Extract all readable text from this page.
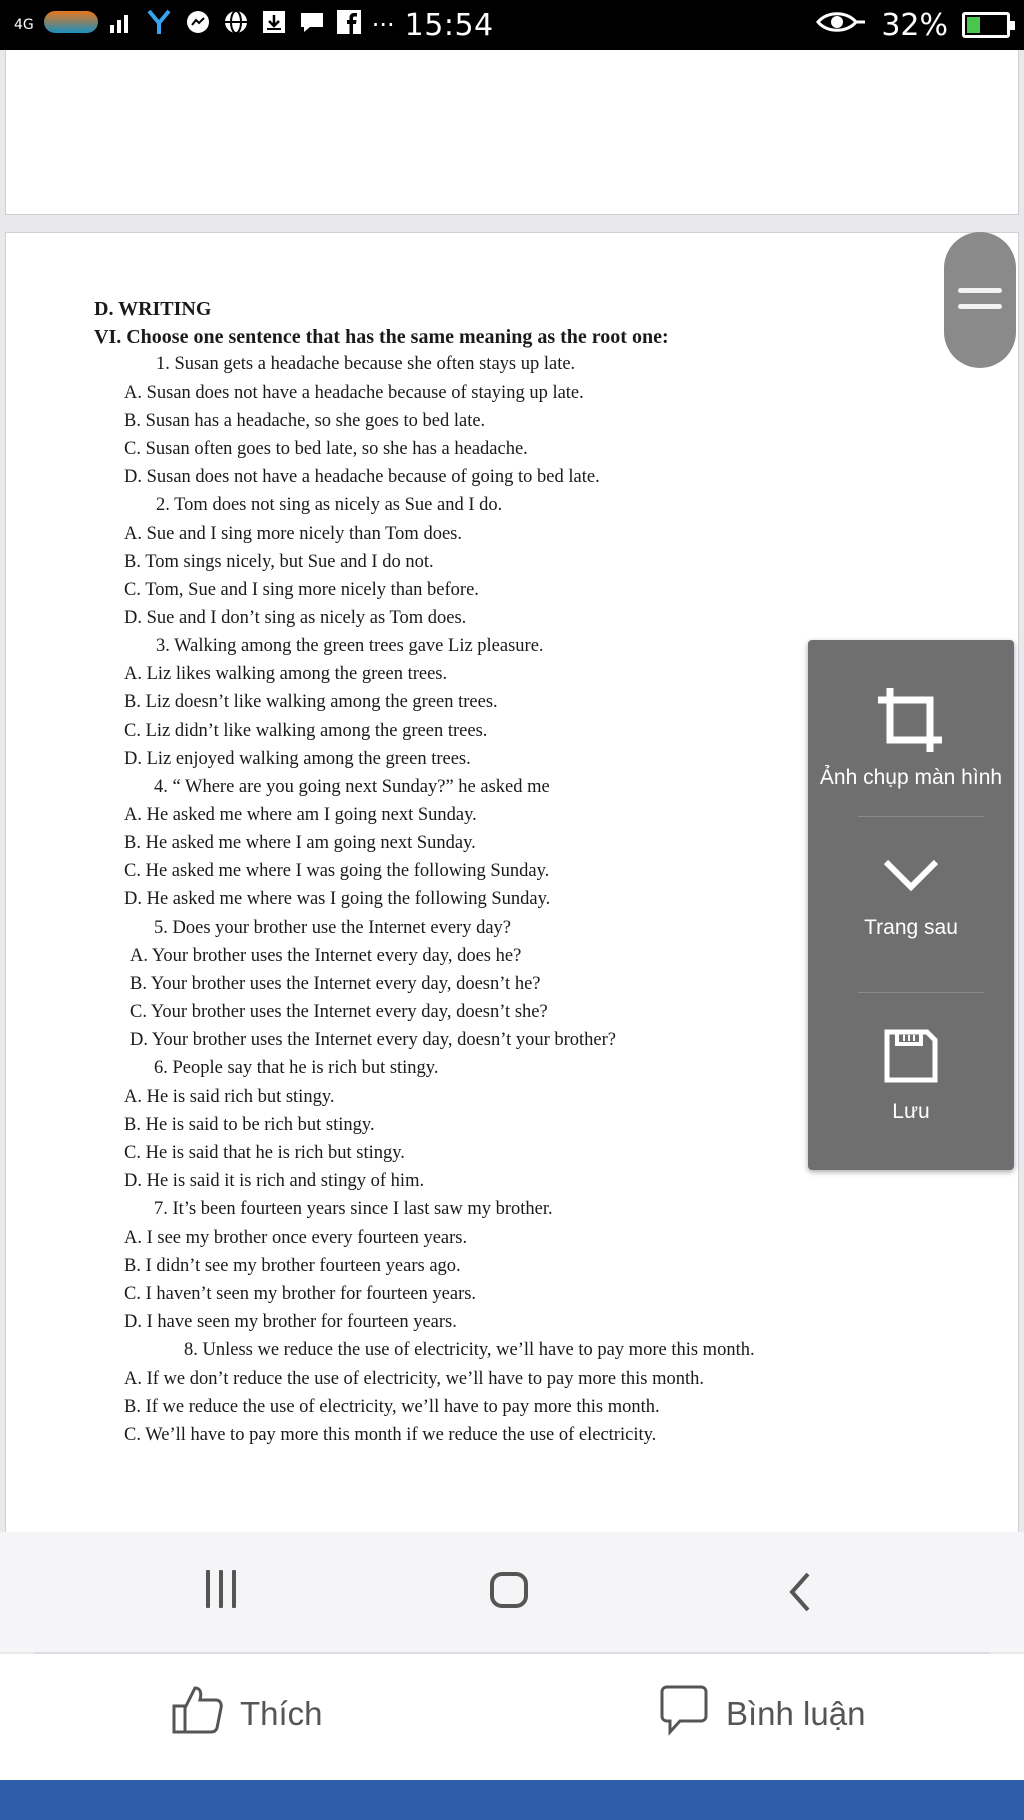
4G	··· 15:54	32%
D. WRITING
VI. Choose one sentence that has the same meaning as the root one:
1. Susan gets a headache because she often stays up late.
A. Susan does not have a headache because of staying up late.
B. Susan has a headache, so she goes to bed late.
C. Susan often goes to bed late, so she has a headache.
D. Susan does not have a headache because of going to bed late.
2. Tom does not sing as nicely as Sue and I do.
A. Sue and I sing more nicely than Tom does.
B. Tom sings nicely, but Sue and I do not.
C. Tom, Sue and I sing more nicely than before.
D. Sue and I don’t sing as nicely as Tom does.
3. Walking among the green trees gave Liz pleasure.
A. Liz likes walking among the green trees.
B. Liz doesn’t like walking among the green trees.
C. Liz didn’t like walking among the green trees.
D. Liz enjoyed walking among the green trees.
4. “ Where are you going next Sunday?” he asked me
A. He asked me where am I going next Sunday.
B. He asked me where I am going next Sunday.
C. He asked me where I was going the following Sunday.
D. He asked me where was I going the following Sunday.
5. Does your brother use the Internet every day?
A. Your brother uses the Internet every day, does he?
B. Your brother uses the Internet every day, doesn’t he?
C. Your brother uses the Internet every day, doesn’t she?
D. Your brother uses the Internet every day, doesn’t your brother?
6. People say that he is rich but stingy.
A. He is said rich but stingy.
B. He is said to be rich but stingy.
C. He is said that he is rich but stingy.
D. He is said it is rich and stingy of him.
7. It’s been fourteen years since I last saw my brother.
A. I see my brother once every fourteen years.
B. I didn’t see my brother fourteen years ago.
C. I haven’t seen my brother for fourteen years.
D. I have seen my brother for fourteen years.
8. Unless we reduce the use of electricity, we’ll have to pay more this month.
A. If we don’t reduce the use of electricity, we’ll have to pay more this month.
B. If we reduce the use of electricity, we’ll have to pay more this month.
C. We’ll have to pay more this month if we reduce the use of electricity.
Ảnh chụp màn hình
Trang sau
Lưu
Thích	Bình luận
